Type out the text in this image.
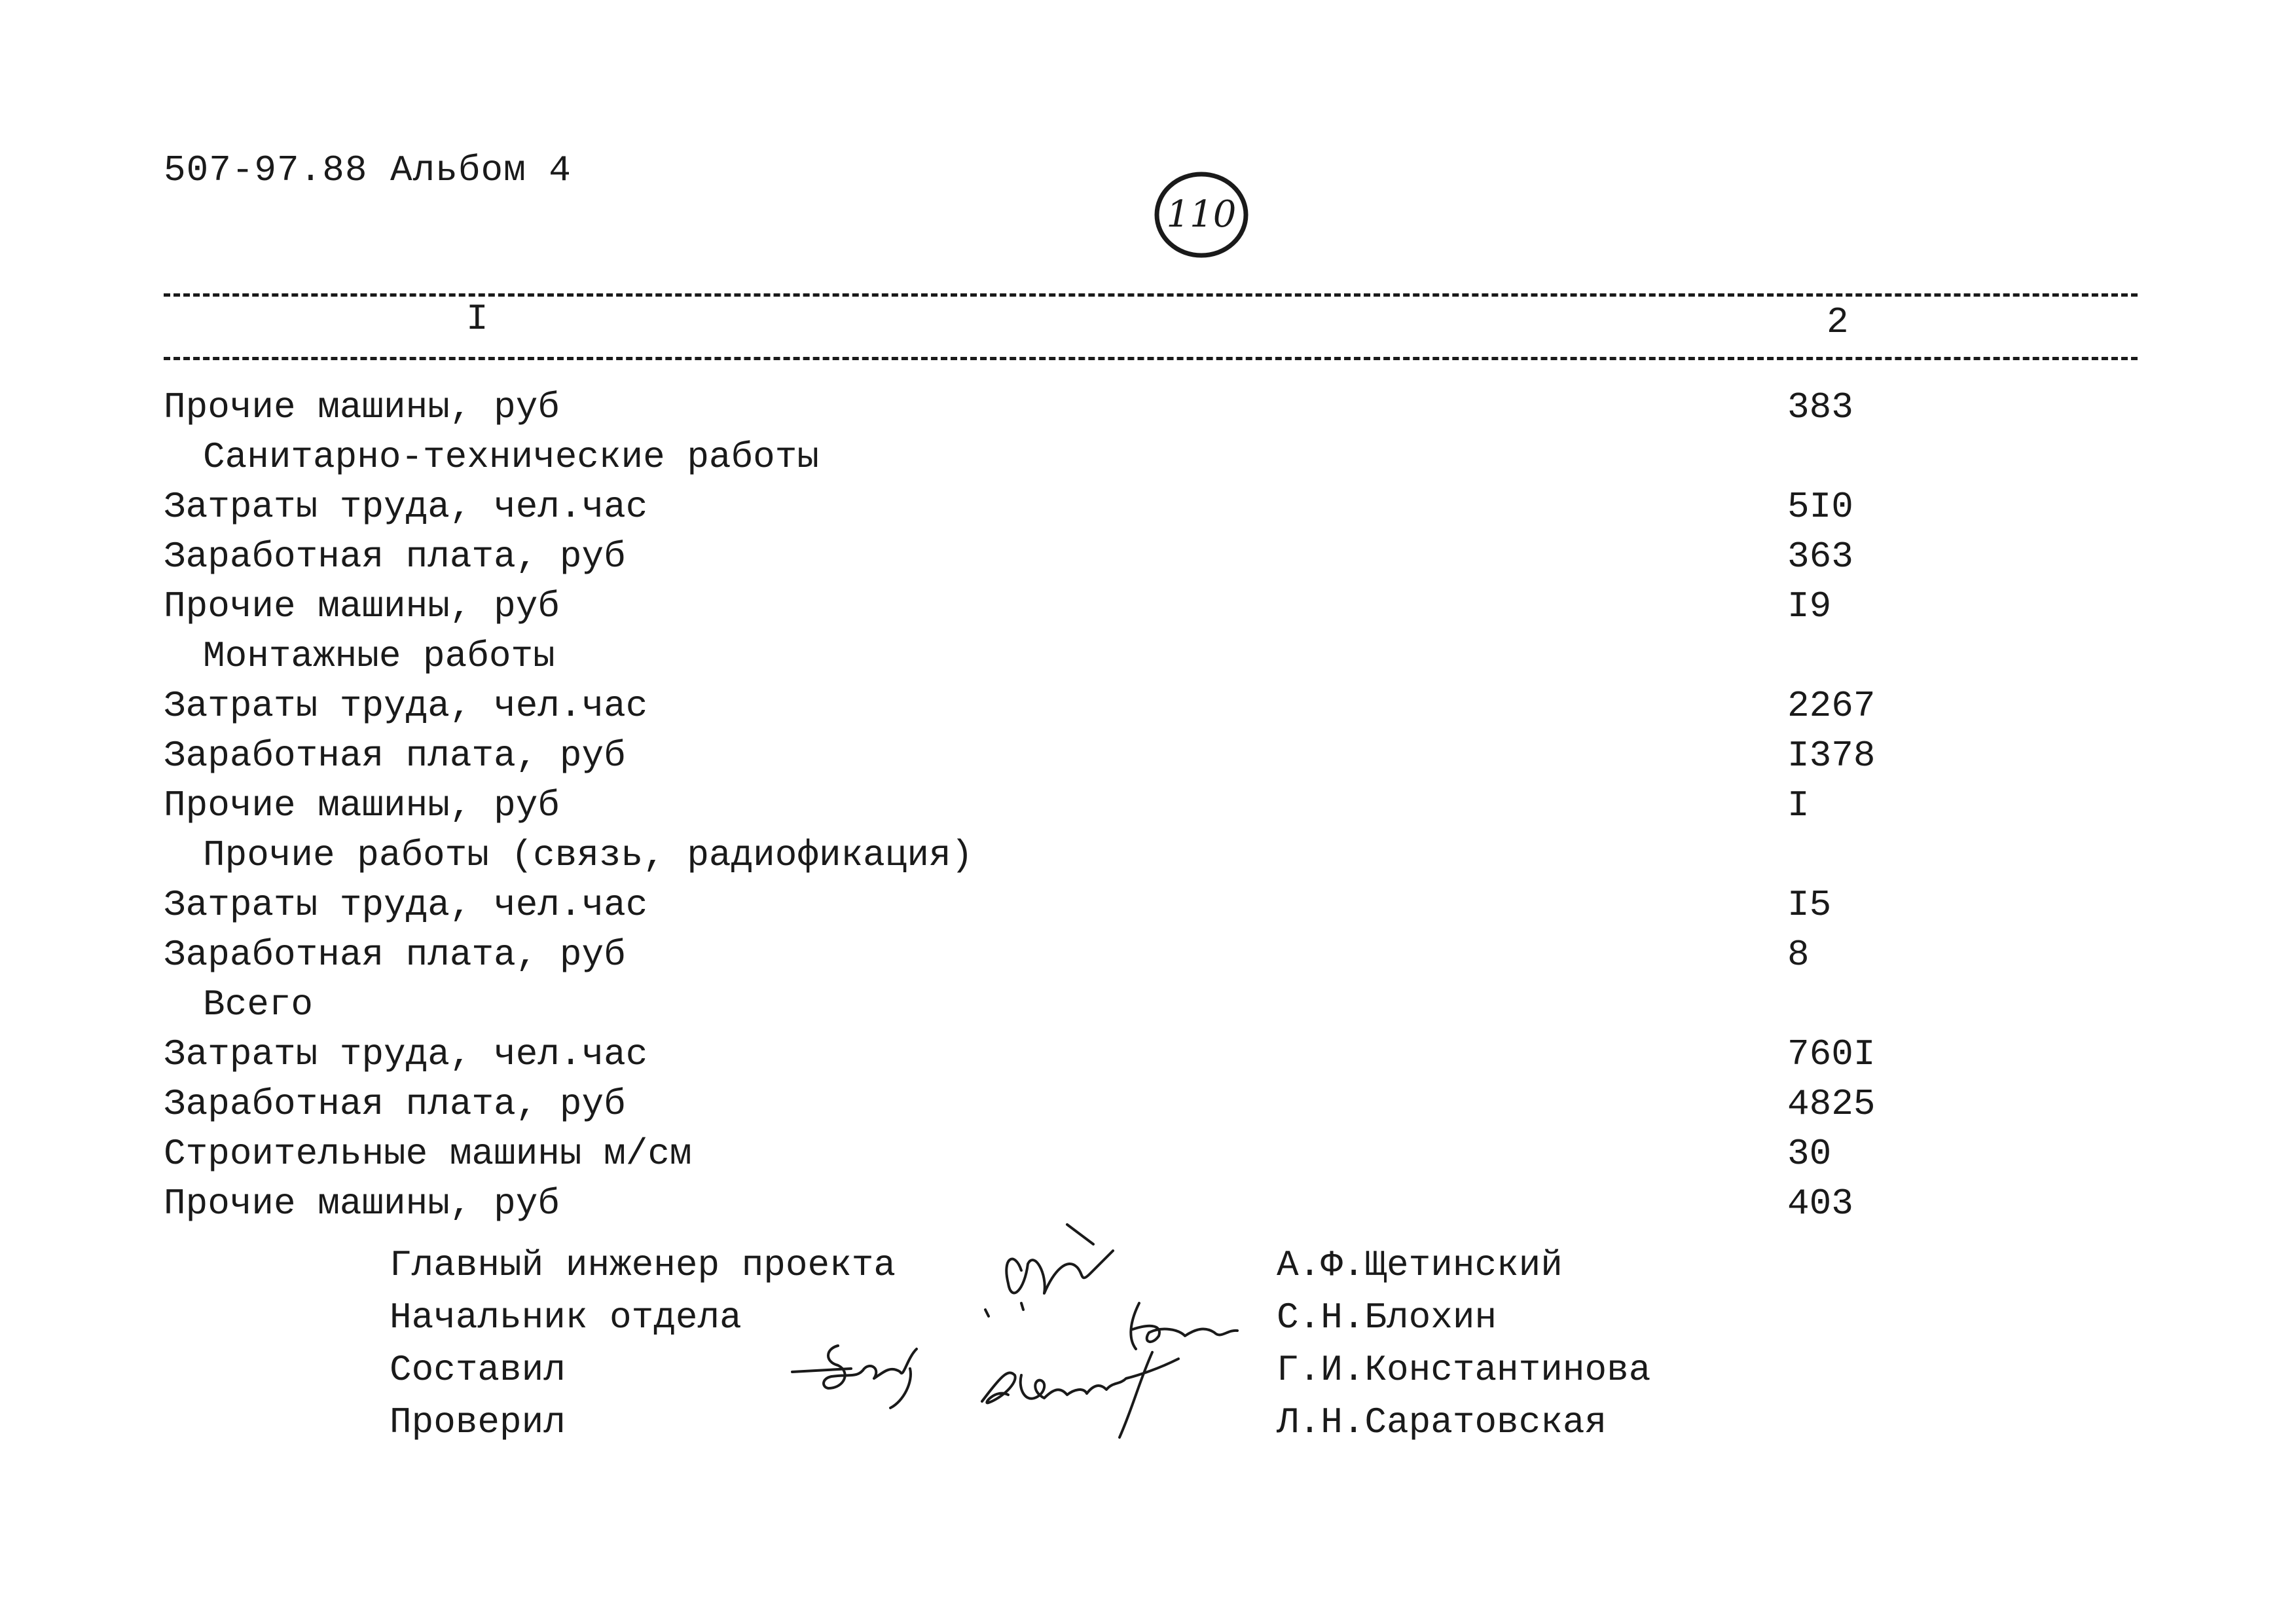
507-97.88 Альбом 4
110
I	2
Прочие машины, руб	383
Санитарно-технические работы
Затраты труда, чел.час	5I0
Заработная плата, руб	363
Прочие машины, руб	I9
Монтажные работы
Затраты труда, чел.час	2267
Заработная плата, руб	I378
Прочие машины, руб	I
Прочие работы (связь, радиофикация)
Затраты труда, чел.час	I5
Заработная плата, руб	8
Всего
Затраты труда, чел.час	760I
Заработная плата, руб	4825
Строительные машины м/см	30
Прочие машины, руб	403
Главный инженер проекта	А.Ф.Щетинский
Начальник отдела	С.Н.Блохин
Составил	Г.И.Константинова
Проверил	Л.Н.Саратовская
